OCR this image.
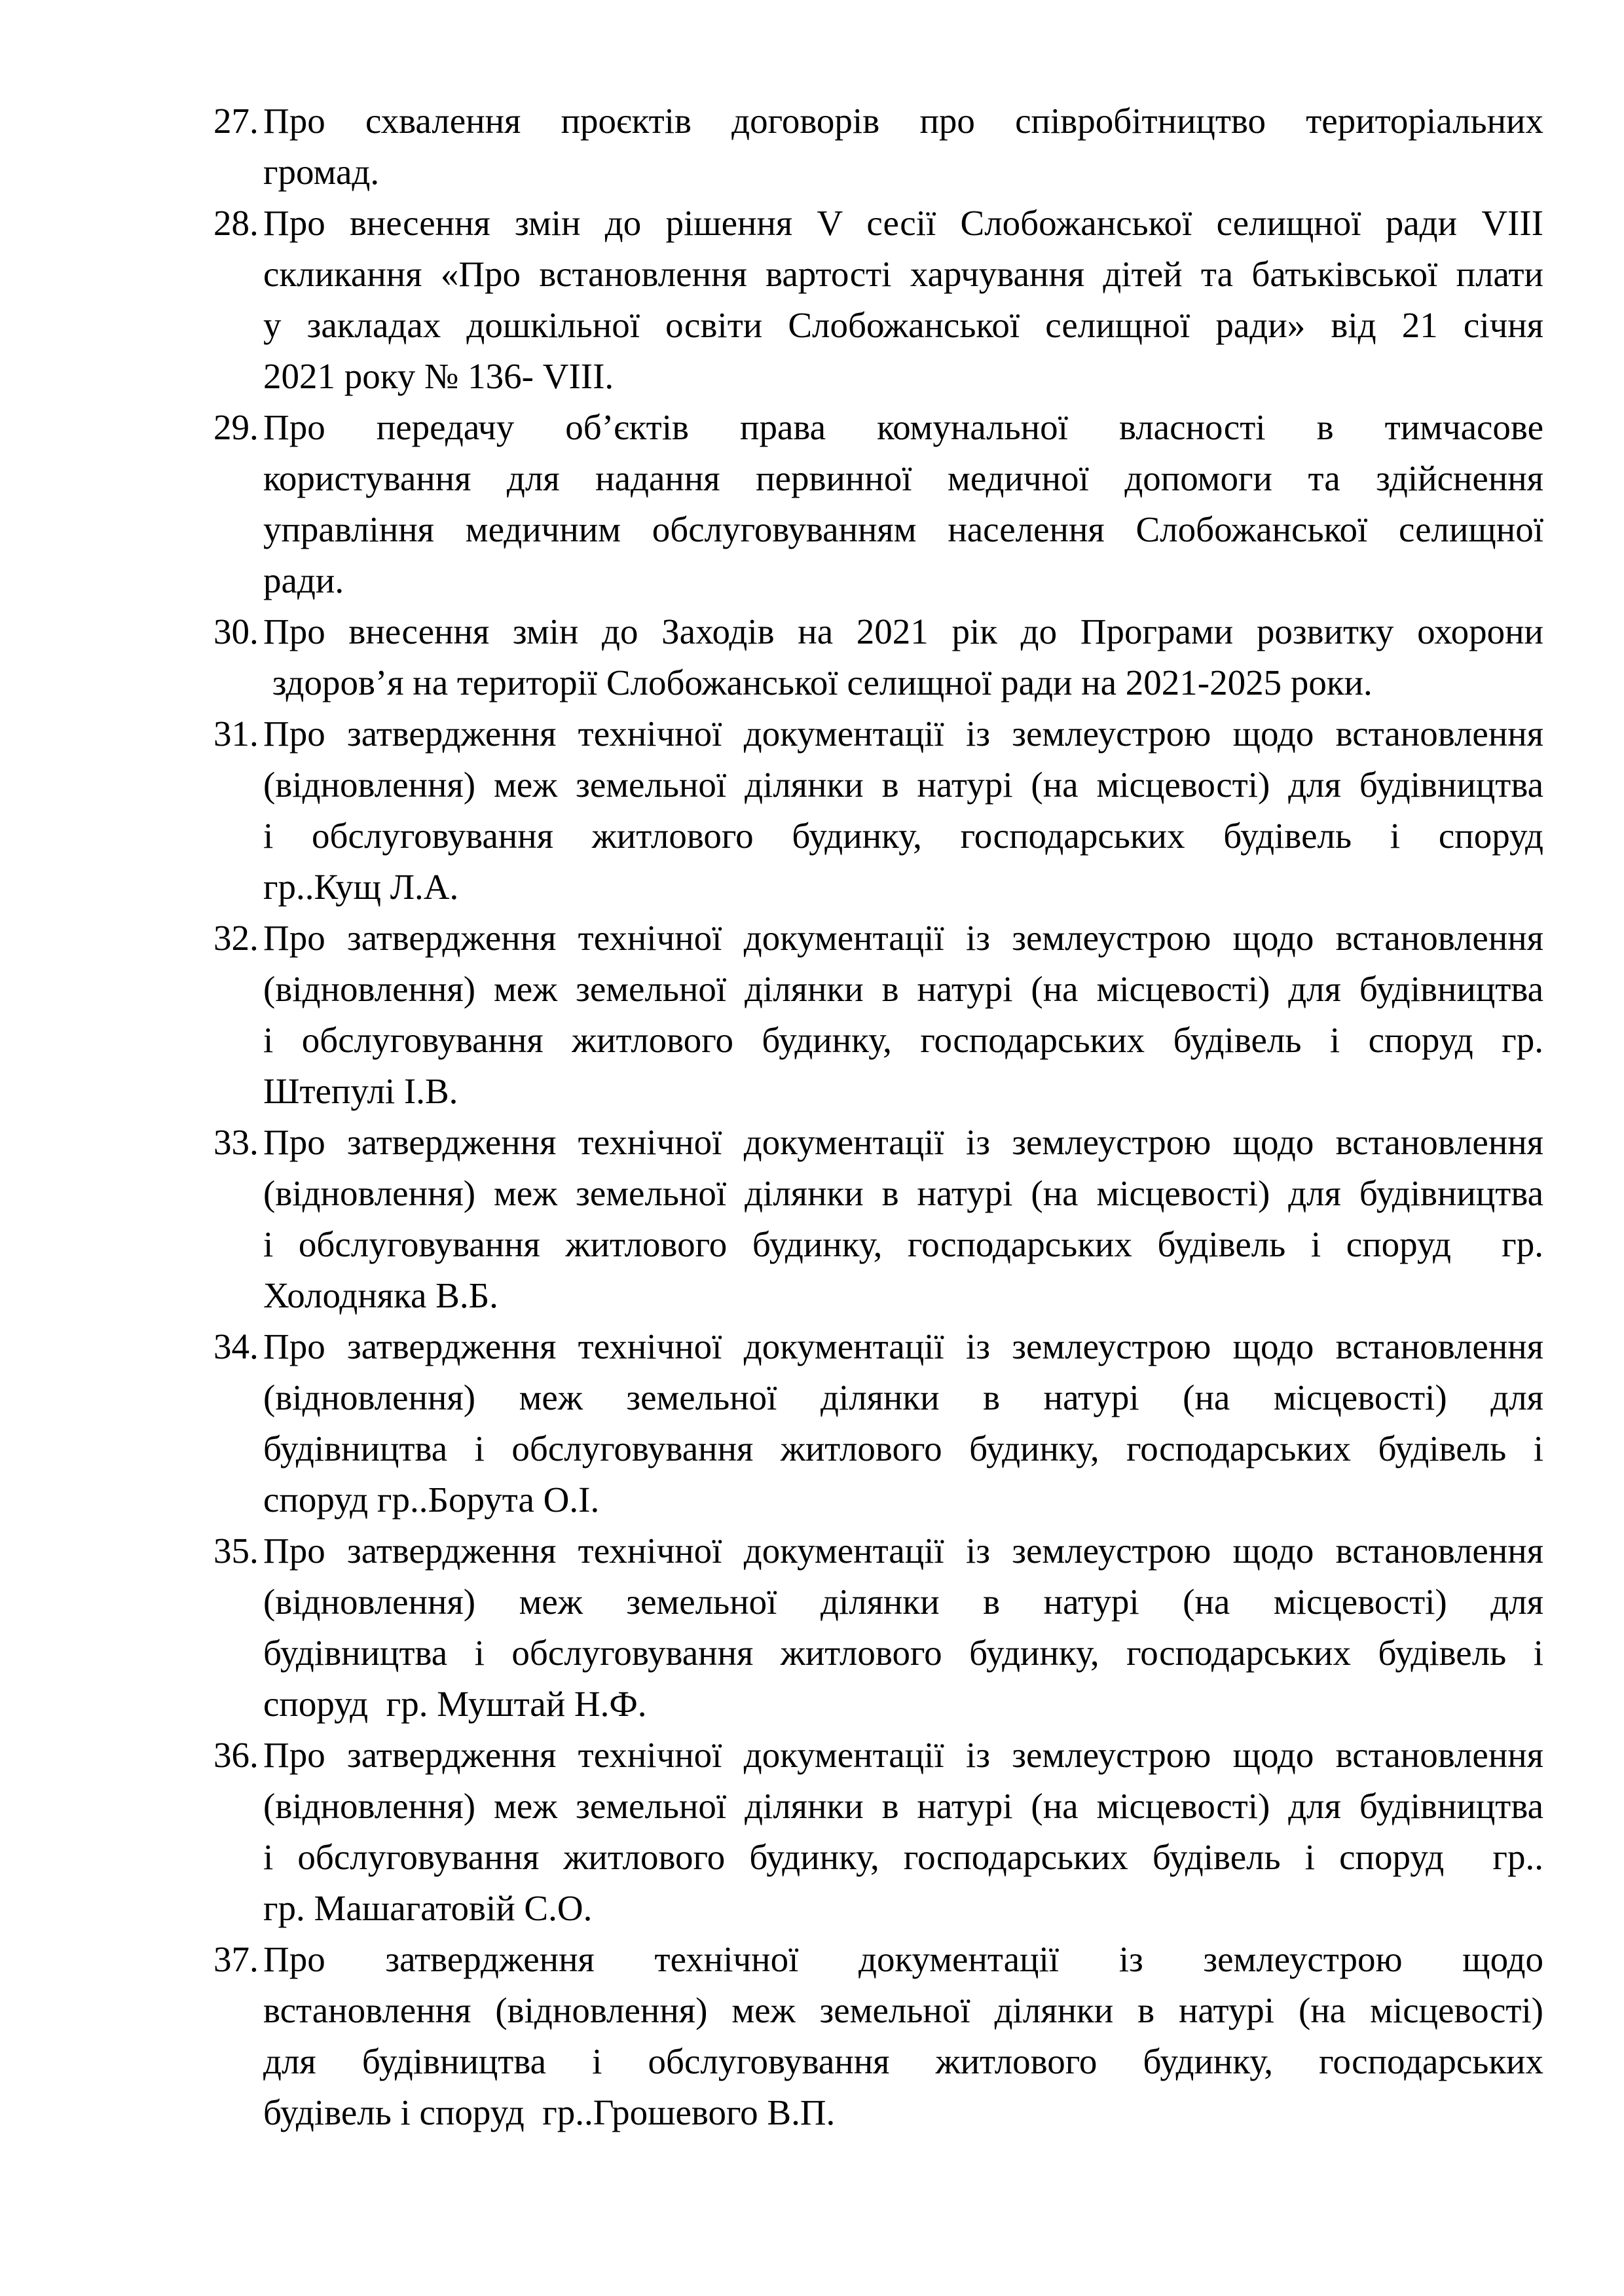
27. Про схвалення проєктів договорів про співробітництво територіальних
громад.
28. Про внесення змін до рішення V сесії Слобожанської селищної ради VIII
скликання «Про встановлення вартості харчування дітей та батьківської плати
у закладах дошкільної освіти Слобожанської селищної ради» від 21 січня
2021 року № 136- VIII.
29. Про передачу об’єктів права комунальної власності в тимчасове
користування для надання первинної медичної допомоги та здійснення
управління медичним обслуговуванням населення Слобожанської селищної
ради.
30. Про внесення змін до Заходів на 2021 рік до Програми розвитку охорони
здоров’я на території Слобожанської селищної ради на 2021-2025 роки.
31. Про затвердження технічної документації із землеустрою щодо встановлення
(відновлення) меж земельної ділянки в натурі (на місцевості) для будівництва
і обслуговування житлового будинку, господарських будівель і споруд
гр..Кущ Л.А.
32. Про затвердження технічної документації із землеустрою щодо встановлення
(відновлення) меж земельної ділянки в натурі (на місцевості) для будівництва
і обслуговування житлового будинку, господарських будівель і споруд гр.
Штепулі І.В.
33. Про затвердження технічної документації із землеустрою щодо встановлення
(відновлення) меж земельної ділянки в натурі (на місцевості) для будівництва
і обслуговування житлового будинку, господарських будівель і споруд  гр.
Холодняка В.Б.
34. Про затвердження технічної документації із землеустрою щодо встановлення
(відновлення) меж земельної ділянки в натурі (на місцевості) для
будівництва і обслуговування житлового будинку, господарських будівель і
споруд гр..Борута О.І.
35. Про затвердження технічної документації із землеустрою щодо встановлення
(відновлення) меж земельної ділянки в натурі (на місцевості) для
будівництва і обслуговування житлового будинку, господарських будівель і
споруд  гр. Муштай Н.Ф.
36. Про затвердження технічної документації із землеустрою щодо встановлення
(відновлення) меж земельної ділянки в натурі (на місцевості) для будівництва
і обслуговування житлового будинку, господарських будівель і споруд  гр..
гр. Машагатовій С.О.
37. Про затвердження технічної документації із землеустрою щодо
встановлення (відновлення) меж земельної ділянки в натурі (на місцевості)
для будівництва і обслуговування житлового будинку, господарських
будівель і споруд  гр..Грошевого В.П.
